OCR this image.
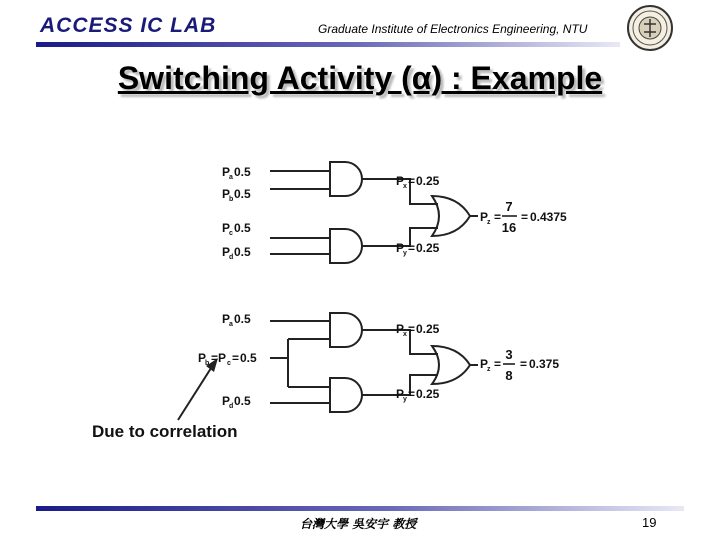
ACCESS IC LAB	Graduate Institute of Electronics Engineering, NTU
Switching Activity (α) : Example
P
a 0.5
P
b 0.5
P
c 0.5
P
d 0.5
P
x = 0.25
P
y = 0.25
P
z =
7
16
= 0.4375
P
a 0.5
P
b =P c = 0.5
P
d 0.5
P
x = 0.25
P
y = 0.25
P
z =
3
8
= 0.375
Due to correlation
台灣大學 吳安宇 教授	19
